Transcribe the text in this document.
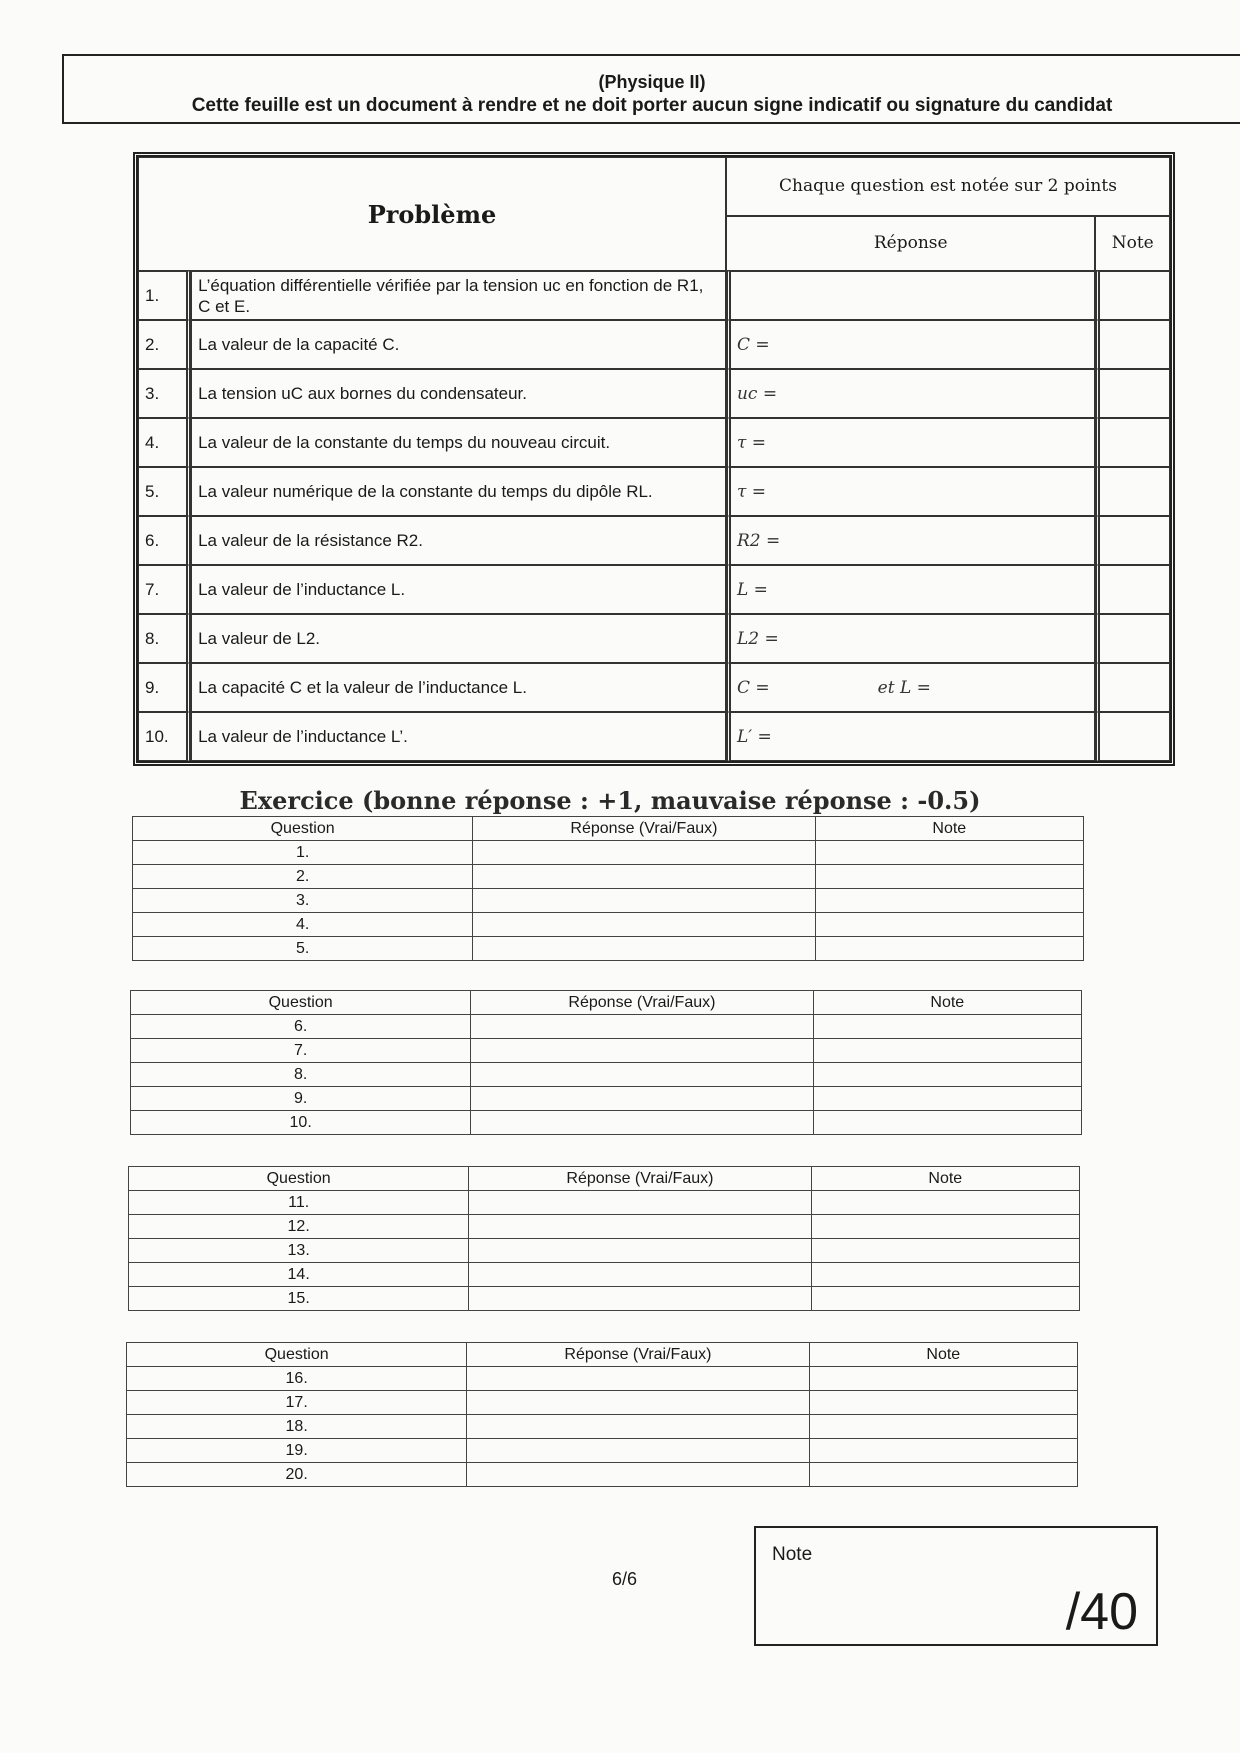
(Physique II)
Cette feuille est un document à rendre et ne doit porter aucun signe indicatif ou signature du candidat
Problème		Chaque question est notée sur 2 points	
		Réponse	Note
1.	L’équation différentielle vérifiée par la tension uc en fonction de R1, C et E.		
2.	La valeur de la capacité C.	C =	
3.	La tension uC aux bornes du condensateur.	uc =	
4.	La valeur de la constante du temps du nouveau circuit.	τ =	
5.	La valeur numérique de la constante du temps du dipôle RL.	τ =	
6.	La valeur de la résistance R2.	R2 =	
7.	La valeur de l’inductance L.	L =	
8.	La valeur de L2.	L2 =	
9.	La capacité C et la valeur de l’inductance L.	C =                    et L =	
10.	La valeur de l’inductance L’.	L′ =	
Exercice (bonne réponse : +1, mauvaise réponse : -0.5)
Question	Réponse (Vrai/Faux)	Note
1.		
2.		
3.		
4.		
5.		
Question	Réponse (Vrai/Faux)	Note
6.		
7.		
8.		
9.		
10.		
Question	Réponse (Vrai/Faux)	Note
11.		
12.		
13.		
14.		
15.		
Question	Réponse (Vrai/Faux)	Note
16.		
17.		
18.		
19.		
20.		
6/6
Note
/40
